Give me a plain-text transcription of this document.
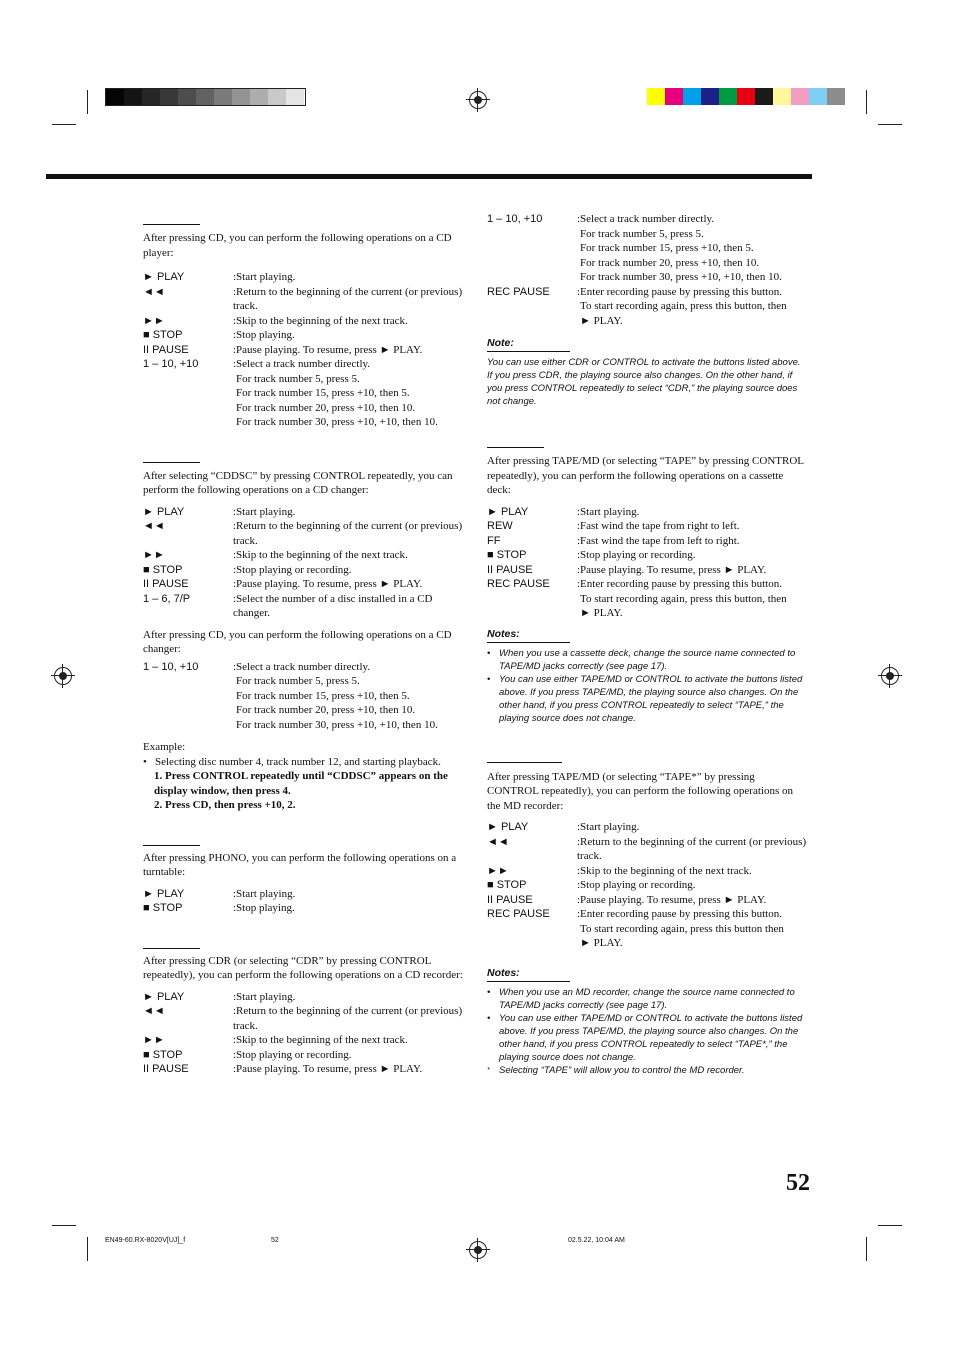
After pressing CD, you can perform the following operations on a CD player:

► PLAY	:Start playing.
◄◄	:Return to the beginning of the current (or previous) track.
►►	:Skip to the beginning of the next track.
■ STOP	:Stop playing.
II PAUSE	:Pause playing. To resume, press ► PLAY.
1 – 10, +10	:Select a track number directly.
For track number 5, press 5.
For track number 15, press +10, then 5.
For track number 20, press +10, then 10.
For track number 30, press +10, +10, then 10.

After selecting “CDDSC” by pressing CONTROL repeatedly, you can perform the following operations on a CD changer:

► PLAY	:Start playing.
◄◄	:Return to the beginning of the current (or previous) track.
►►	:Skip to the beginning of the next track.
■ STOP	:Stop playing or recording.
II PAUSE	:Pause playing. To resume, press ► PLAY.
1 – 6, 7/P	:Select the number of a disc installed in a CD changer.

After pressing CD, you can perform the following operations on a CD changer:

1 – 10, +10	:Select a track number directly.
For track number 5, press 5.
For track number 15, press +10, then 5.
For track number 20, press +10, then 10.
For track number 30, press +10, +10, then 10.
Example:
• Selecting disc number 4, track number 12, and starting playback.
1. Press CONTROL repeatedly until “CDDSC” appears on the display window, then press 4.
2. Press CD, then press +10, 2.

After pressing PHONO, you can perform the following operations on a turntable:

► PLAY	:Start playing.
■ STOP	:Stop playing.

After pressing CDR (or selecting “CDR” by pressing CONTROL repeatedly), you can perform the following operations on a CD recorder:

► PLAY	:Start playing.
◄◄	:Return to the beginning of the current (or previous) track.
►►	:Skip to the beginning of the next track.
■ STOP	:Stop playing or recording.
II PAUSE	:Pause playing. To resume, press ► PLAY.
1 – 10, +10	:Select a track number directly.
For track number 5, press 5.
For track number 15, press +10, then 5.
For track number 20, press +10, then 10.
For track number 30, press +10, +10, then 10.
REC PAUSE	:Enter recording pause by pressing this button.
To start recording again, press this button, then
► PLAY.
Note:
You can use either CDR or CONTROL to activate the buttons listed above. If you press CDR, the playing source also changes. On the other hand, if you press CONTROL repeatedly to select “CDR,” the playing source does not change.

After pressing TAPE/MD (or selecting “TAPE” by pressing CONTROL repeatedly), you can perform the following operations on a cassette deck:

► PLAY	:Start playing.
REW	:Fast wind the tape from right to left.
FF	:Fast wind the tape from left to right.
■ STOP	:Stop playing or recording.
II PAUSE	:Pause playing. To resume, press ► PLAY.
REC PAUSE	:Enter recording pause by pressing this button.
To start recording again, press this button, then
► PLAY.
Notes:
• When you use a cassette deck, change the source name connected to TAPE/MD jacks correctly (see page 17).
• You can use either TAPE/MD or CONTROL to activate the buttons listed above. If you press TAPE/MD, the playing source also changes. On the other hand, if you press CONTROL repeatedly to select “TAPE,” the playing source does not change.

After pressing TAPE/MD (or selecting “TAPE*” by pressing CONTROL repeatedly), you can perform the following operations on the MD recorder:

► PLAY	:Start playing.
◄◄	:Return to the beginning of the current (or previous) track.
►►	:Skip to the beginning of the next track.
■ STOP	:Stop playing or recording.
II PAUSE	:Pause playing. To resume, press ► PLAY.
REC PAUSE	:Enter recording pause by pressing this button.
To start recording again, press this button then
► PLAY.
Notes:
• When you use an MD recorder, change the source name connected to TAPE/MD jacks correctly (see page 17).
• You can use either TAPE/MD or CONTROL to activate the buttons listed above. If you press TAPE/MD, the playing source also changes. On the other hand, if you press CONTROL repeatedly to select “TAPE*,” the playing source does not change.
* Selecting “TAPE” will allow you to control the MD recorder.
52
EN49-60.RX-8020V[UJ]_f	52	02.5.22, 10:04 AM
